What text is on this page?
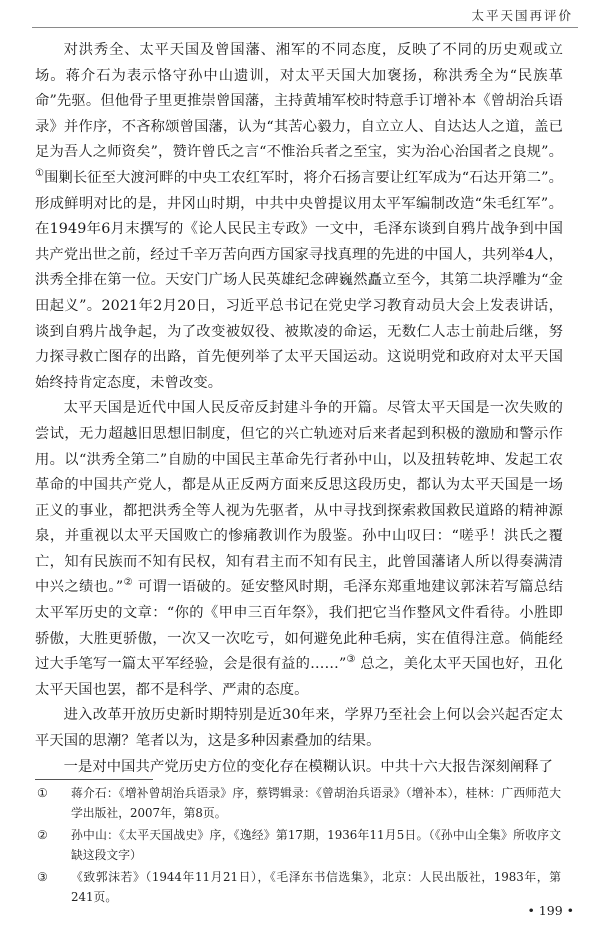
太平天国再评价

对洪秀全、太平天国及曾国藩、湘军的不同态度，反映了不同的历史观或立场。蒋介石为表示恪守孙中山遗训，对太平天国大加褒扬，称洪秀全为“民族革命”先驱。但他骨子里更推崇曾国藩，主持黄埔军校时特意手订增补本《曾胡治兵语录》并作序，不吝称颂曾国藩，认为“其苦心毅力，自立立人、自达达人之道，盖已足为吾人之师资矣”，赞许曾氏之言“不惟治兵者之至宝，实为治心治国者之良规”。①围剿长征至大渡河畔的中央工农红军时，将介石扬言要让红军成为“石达开第二”。形成鲜明对比的是，井冈山时期，中共中央曾提议用太平军编制改造“朱毛红军”。在1949年6月末撰写的《论人民民主专政》一文中，毛泽东谈到自鸦片战争到中国共产党出世之前，经过千辛万苦向西方国家寻找真理的先进的中国人，共列举4人，洪秀全排在第一位。天安门广场人民英雄纪念碑巍然矗立至今，其第二块浮雕为“金田起义”。2021年2月20日，习近平总书记在党史学习教育动员大会上发表讲话，谈到自鸦片战争起，为了改变被奴役、被欺凌的命运，无数仁人志士前赴后继，努力探寻救亡图存的出路，首先便列举了太平天国运动。这说明党和政府对太平天国始终持肯定态度，未曾改变。

太平天国是近代中国人民反帝反封建斗争的开篇。尽管太平天国是一次失败的尝试，无力超越旧思想旧制度，但它的兴亡轨迹对后来者起到积极的激励和警示作用。以“洪秀全第二”自励的中国民主革命先行者孙中山，以及扭转乾坤、发起工农革命的中国共产党人，都是从正反两方面来反思这段历史，都认为太平天国是一场正义的事业，都把洪秀全等人视为先驱者，从中寻找到探索救国救民道路的精神源泉，并重视以太平天国败亡的惨痛教训作为殷鉴。孙中山叹曰：“嗟乎！洪氏之覆亡，知有民族而不知有民权，知有君主而不知有民主，此曾国藩诸人所以得奏满清中兴之绩也。”② 可谓一语破的。延安整风时期，毛泽东郑重地建议郭沫若写篇总结太平军历史的文章：“你的《甲申三百年祭》，我们把它当作整风文件看待。小胜即骄傲，大胜更骄傲，一次又一次吃亏，如何避免此种毛病，实在值得注意。倘能经过大手笔写一篇太平军经验，会是很有益的……”③ 总之，美化太平天国也好，丑化太平天国也罢，都不是科学、严肃的态度。

进入改革开放历史新时期特别是近30年来，学界乃至社会上何以会兴起否定太平天国的思潮？笔者以为，这是多种因素叠加的结果。

一是对中国共产党历史方位的变化存在模糊认识。中共十六大报告深刻阐释了

①	蒋介石：《增补曾胡治兵语录》序，蔡锷辑录：《曾胡治兵语录》（增补本），桂林：广西师范大学出版社，2007年，第8页。
②	孙中山：《太平天国战史》序，《逸经》第17期，1936年11月5日。（《孙中山全集》所收序文缺这段文字）
③	《致郭沫若》（1944年11月21日），《毛泽东书信选集》，北京：人民出版社，1983年，第241页。
• 199 •
